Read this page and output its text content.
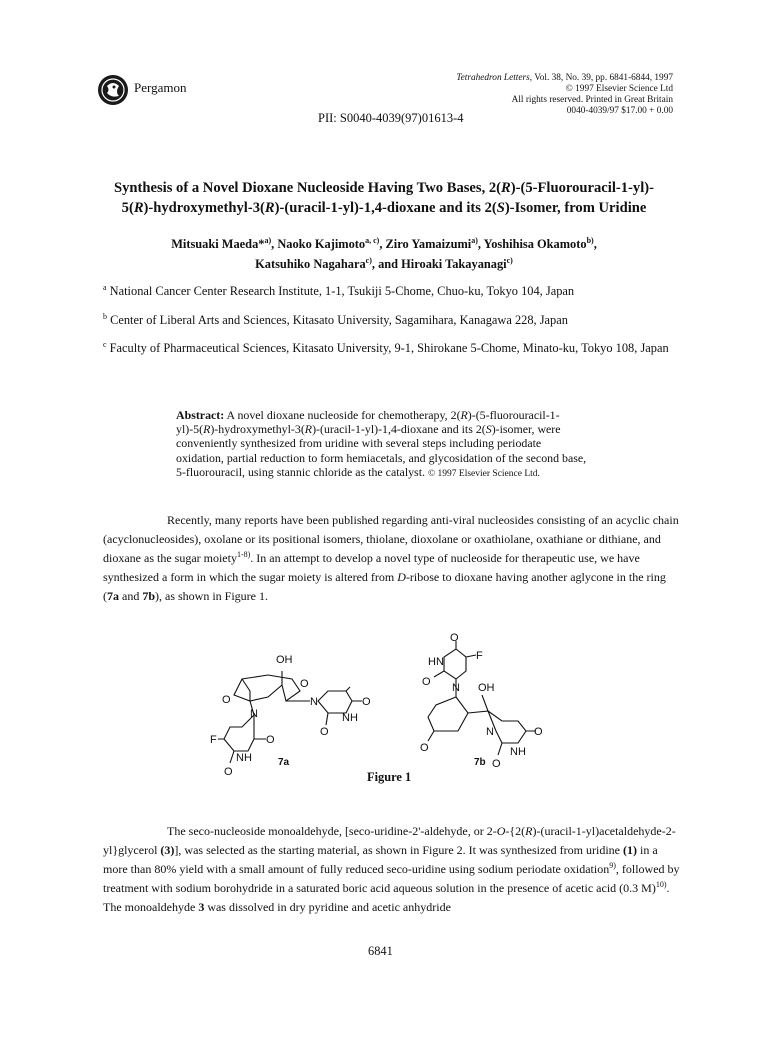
Pergamon
PII: S0040-4039(97)01613-4
Tetrahedron Letters, Vol. 38, No. 39, pp. 6841-6844, 1997
© 1997 Elsevier Science Ltd
All rights reserved. Printed in Great Britain
0040-4039/97 $17.00 + 0.00
Synthesis of a Novel Dioxane Nucleoside Having Two Bases, 2(R)-(5-Fluorouracil-1-yl)-
5(R)-hydroxymethyl-3(R)-(uracil-1-yl)-1,4-dioxane and its 2(S)-Isomer, from Uridine
Mitsuaki Maeda*$^{a)}$, Naoko Kajimoto$^{a, c)}$, Ziro Yamaizumi$^{a)}$, Yoshihisa Okamoto$^{b)}$,
Katsuhiko Nagahara$^{c)}$, and Hiroaki Takayanagi$^{c)}$
$^a$ National Cancer Center Research Institute, 1-1, Tsukiji 5-Chome, Chuo-ku, Tokyo 104, Japan
$^b$ Center of Liberal Arts and Sciences, Kitasato University, Sagamihara, Kanagawa 228, Japan
$^c$ Faculty of Pharmaceutical Sciences, Kitasato University, 9-1, Shirokane 5-Chome, Minato-ku, Tokyo 108, Japan
Abstract: A novel dioxane nucleoside for chemotherapy, 2(R)-(5-fluorouracil-1-yl)-5(R)-hydroxymethyl-3(R)-(uracil-1-yl)-1,4-dioxane and its 2(S)-isomer, were conveniently synthesized from uridine with several steps including periodate oxidation, partial reduction to form hemiacetals, and glycosidation of the second base, 5-fluorouracil, using stannic chloride as the catalyst. © 1997 Elsevier Science Ltd.
Recently, many reports have been published regarding anti-viral nucleosides consisting of an acyclic chain (acyclonucleosides), oxolane or its positional isomers, thiolane, dioxolane or oxathiolane, oxathiane or dithiane, and dioxane as the sugar moiety$^{1-8)}$. In an attempt to develop a novel type of nucleoside for therapeutic use, we have synthesized a form in which the sugar moiety is altered from D-ribose to dioxane having another aglycone in the ring (7a and 7b), as shown in Figure 1.
OH
O
O	N	O
NH
O
N
F	O
NH
O
7a
O
HN	F
O N OH
O
N	O
NH
O
7b
Figure 1
The seco-nucleoside monoaldehyde, [seco-uridine-2'-aldehyde, or 2-O-{2(R)-(uracil-1-yl)acetaldehyde-2-yl}glycerol (3)], was selected as the starting material, as shown in Figure 2. It was synthesized from uridine (1) in a more than 80% yield with a small amount of fully reduced seco-uridine using sodium periodate oxidation$^{9)}$, followed by treatment with sodium borohydride in a saturated boric acid aqueous solution in the presence of acetic acid (0.3 M)$^{10)}$. The monoaldehyde 3 was dissolved in dry pyridine and acetic anhydride
6841
